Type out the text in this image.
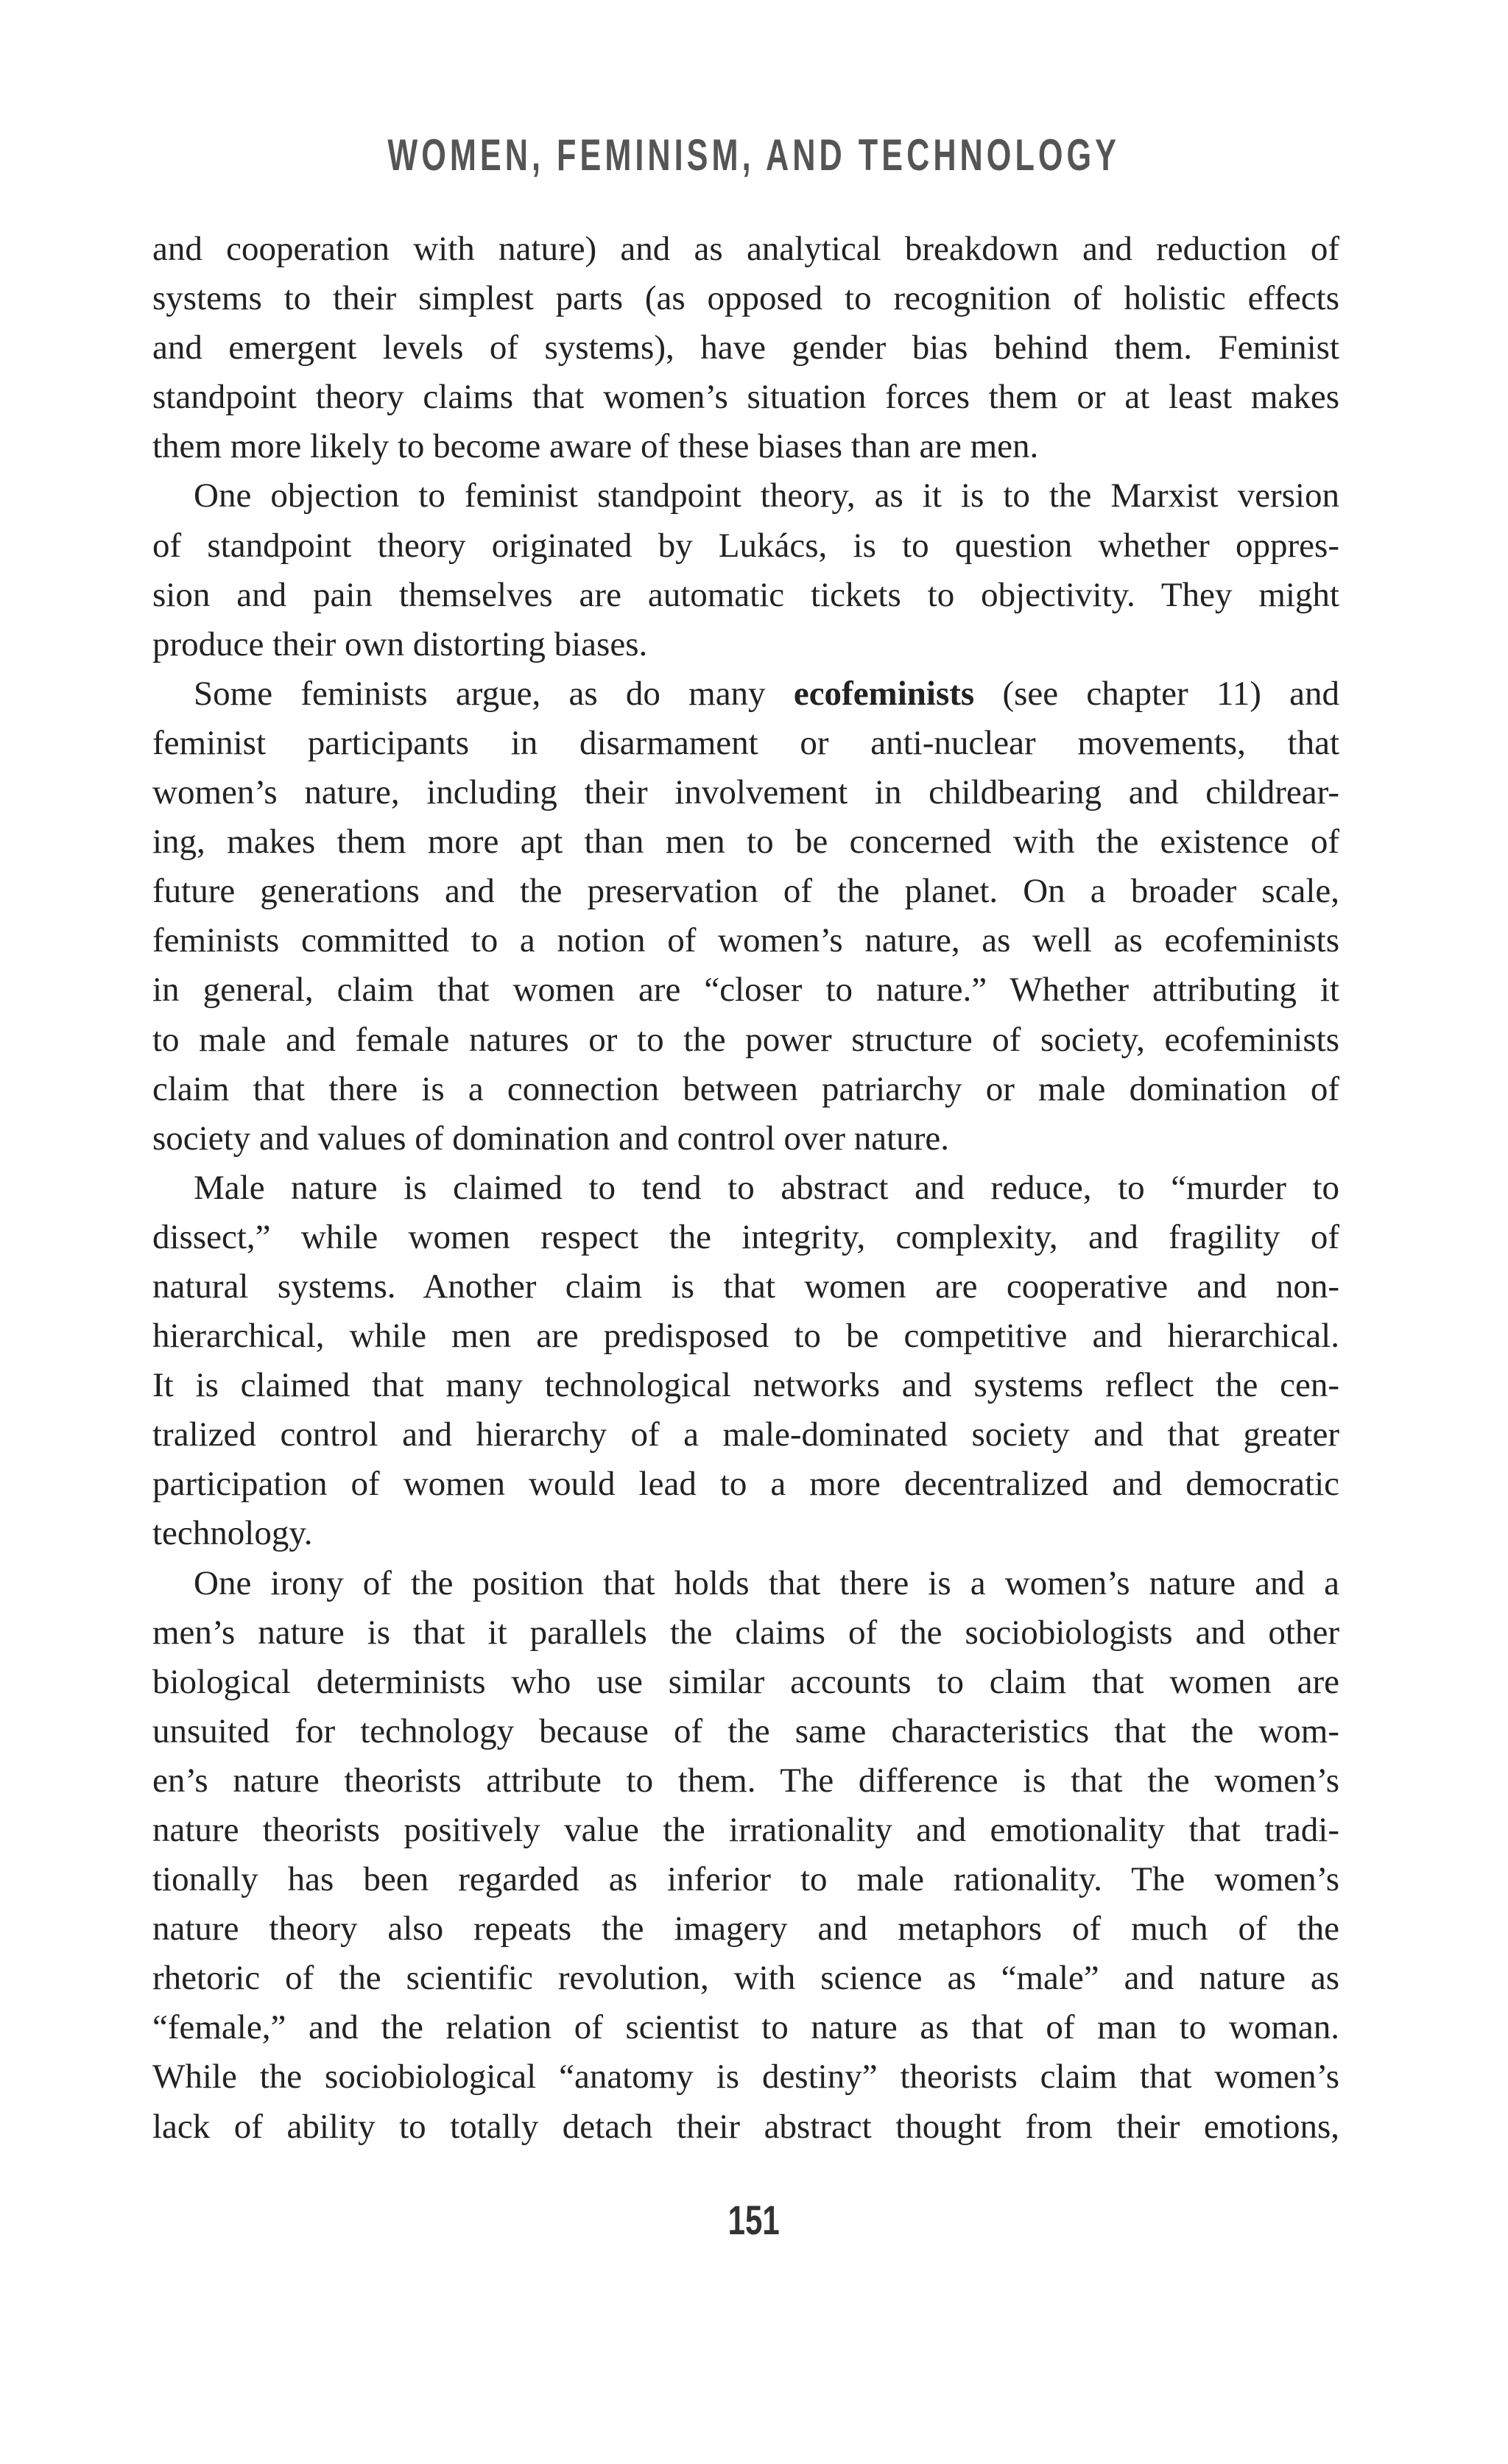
WOMEN, FEMINISM, AND TECHNOLOGY
and cooperation with nature) and as analytical breakdown and reduction of
systems to their simplest parts (as opposed to recognition of holistic effects
and emergent levels of systems), have gender bias behind them. Feminist
standpoint theory claims that women’s situation forces them or at least makes
them more likely to become aware of these biases than are men.
One objection to feminist standpoint theory, as it is to the Marxist version
of standpoint theory originated by Lukács, is to question whether oppres-
sion and pain themselves are automatic tickets to objectivity. They might
produce their own distorting biases.
Some feminists argue, as do many ecofeminists (see chapter 11) and
feminist participants in disarmament or anti-nuclear movements, that
women’s nature, including their involvement in childbearing and childrear-
ing, makes them more apt than men to be concerned with the existence of
future generations and the preservation of the planet. On a broader scale,
feminists committed to a notion of women’s nature, as well as ecofeminists
in general, claim that women are “closer to nature.” Whether attributing it
to male and female natures or to the power structure of society, ecofeminists
claim that there is a connection between patriarchy or male domination of
society and values of domination and control over nature.
Male nature is claimed to tend to abstract and reduce, to “murder to
dissect,” while women respect the integrity, complexity, and fragility of
natural systems. Another claim is that women are cooperative and non-
hierarchical, while men are predisposed to be competitive and hierarchical.
It is claimed that many technological networks and systems reflect the cen-
tralized control and hierarchy of a male-dominated society and that greater
participation of women would lead to a more decentralized and democratic
technology.
One irony of the position that holds that there is a women’s nature and a
men’s nature is that it parallels the claims of the sociobiologists and other
biological determinists who use similar accounts to claim that women are
unsuited for technology because of the same characteristics that the wom-
en’s nature theorists attribute to them. The difference is that the women’s
nature theorists positively value the irrationality and emotionality that tradi-
tionally has been regarded as inferior to male rationality. The women’s
nature theory also repeats the imagery and metaphors of much of the
rhetoric of the scientific revolution, with science as “male” and nature as
“female,” and the relation of scientist to nature as that of man to woman.
While the sociobiological “anatomy is destiny” theorists claim that women’s
lack of ability to totally detach their abstract thought from their emotions,
151
